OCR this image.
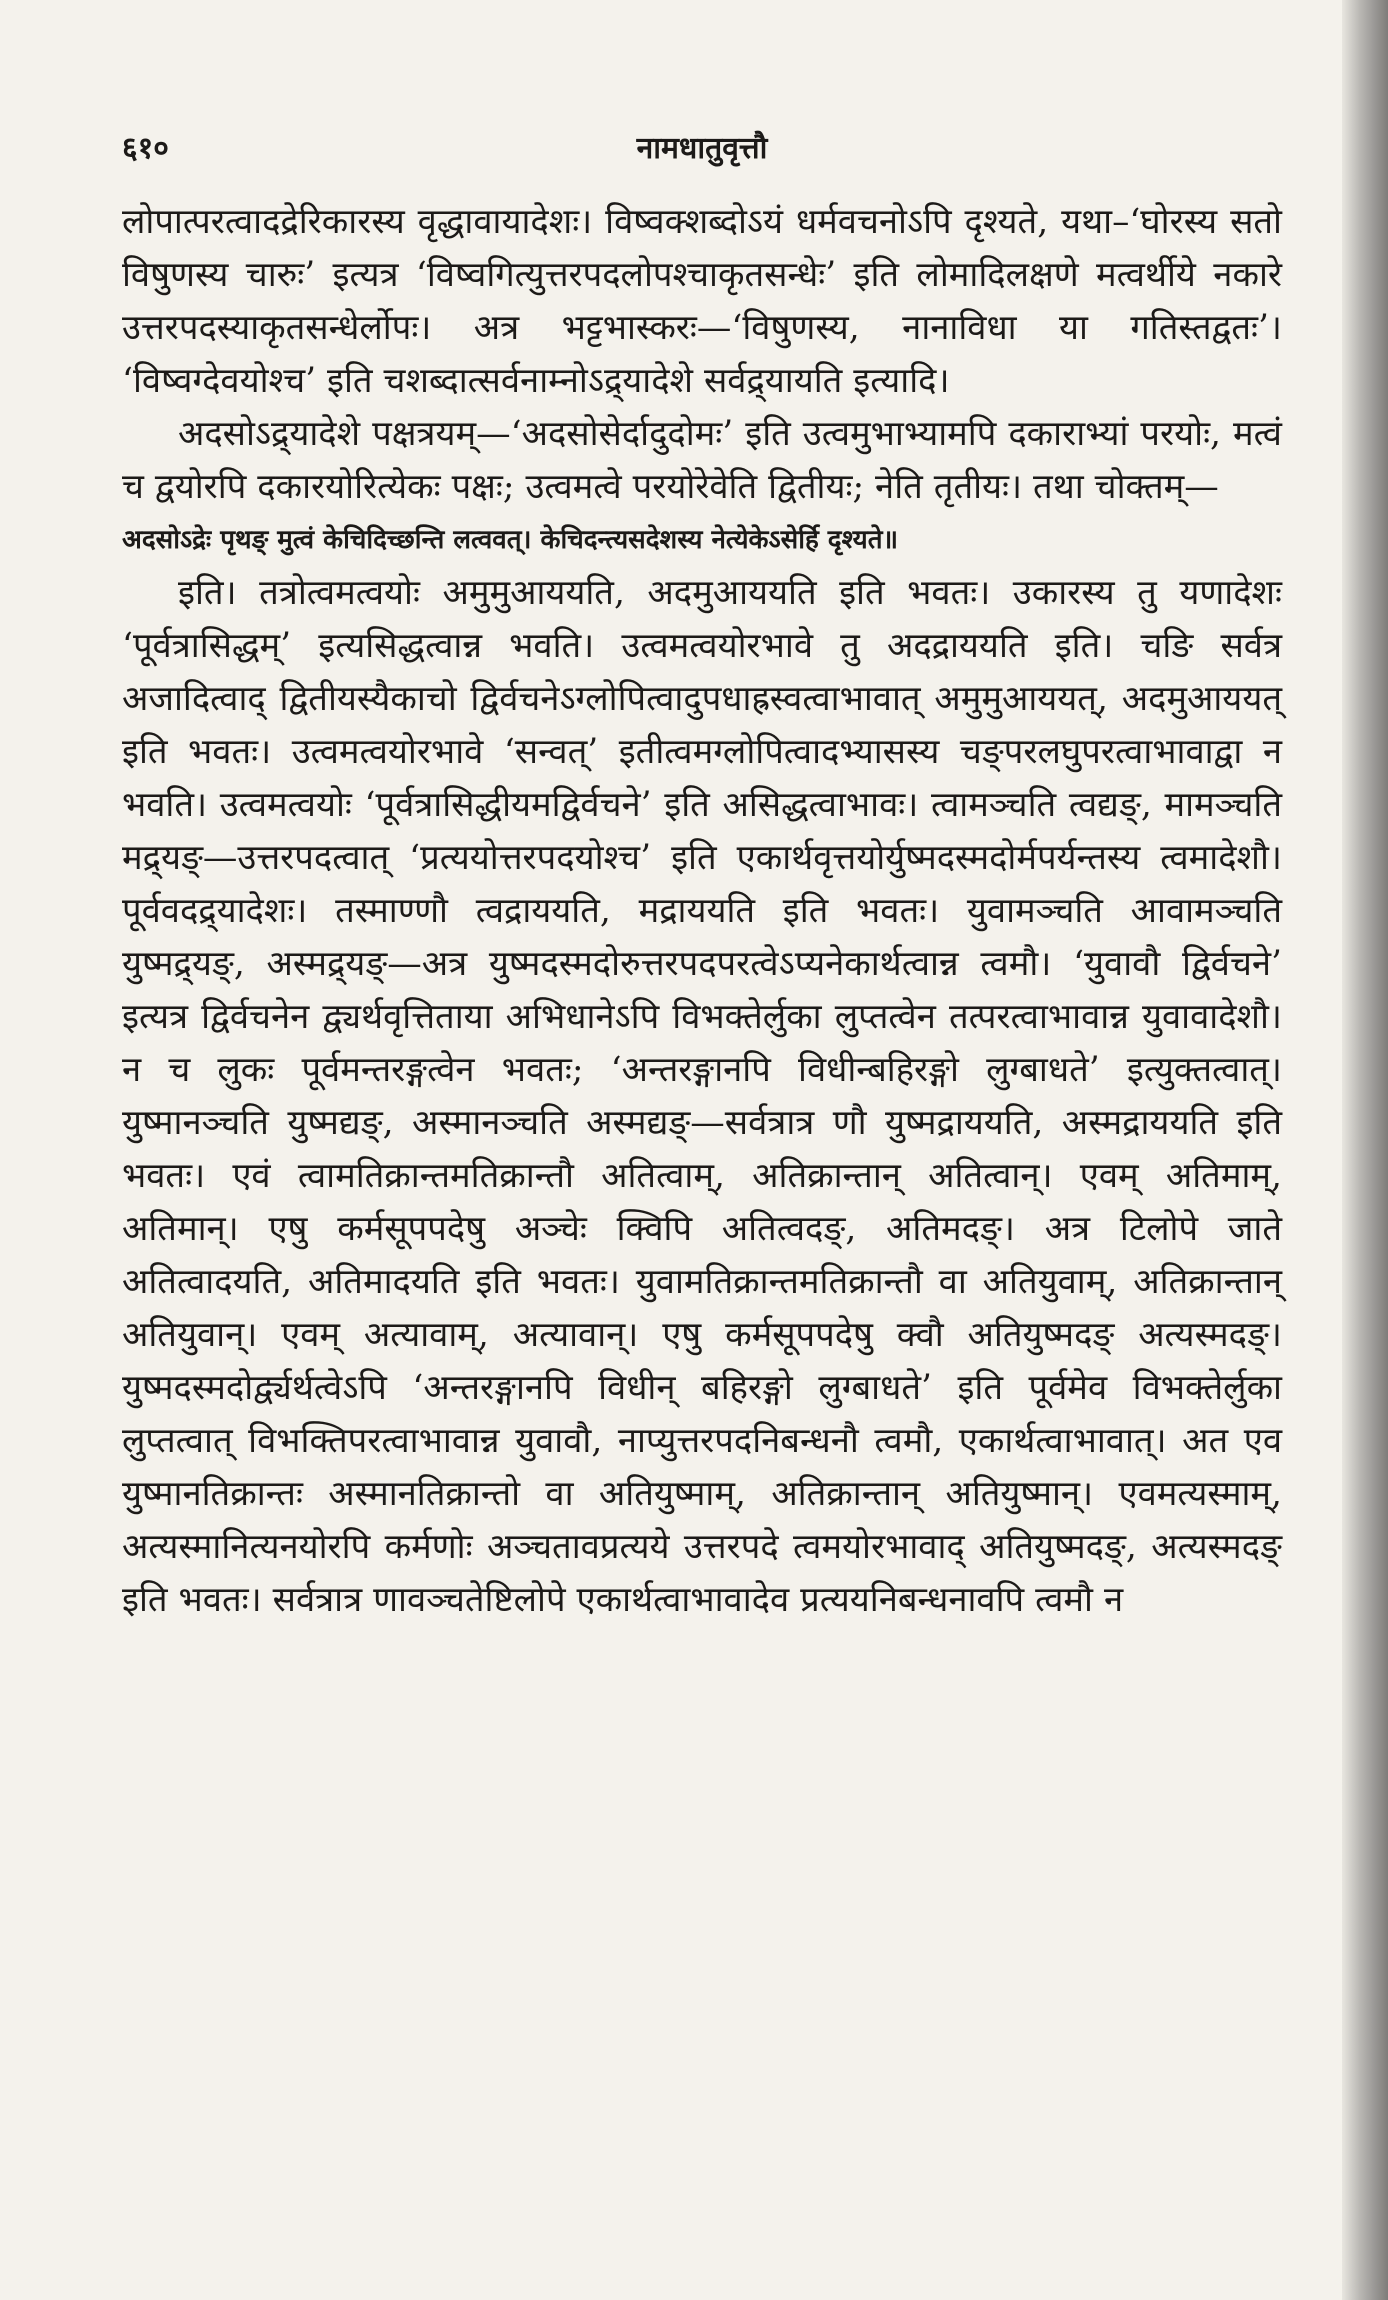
६१०	नामधातुवृत्तौ

लोपात्परत्वादद्रेरिकारस्य वृद्धावायादेशः। विष्वक्शब्दोऽयं धर्मवचनोऽपि दृश्यते, यथा–‘घोरस्य सतो विषुणस्य चारुः’ इत्यत्र ‘विष्वगित्युत्तरपदलोपश्चाकृतसन्धेः’ इति लोमादिलक्षणे मत्वर्थीये नकारे उत्तरपदस्याकृतसन्धेर्लोपः। अत्र भट्टभास्करः—‘विषुणस्य, नानाविधा या गतिस्तद्वतः’। ‘विष्वग्देवयोश्च’ इति चशब्दात्सर्वनाम्नोऽद्र्यादेशे सर्वद्र्यायति इत्यादि।

अदसोऽद्र्यादेशे पक्षत्रयम्—‘अदसोसेर्दादुदोमः’ इति उत्वमुभाभ्यामपि दकाराभ्यां परयोः, मत्वं च द्वयोरपि दकारयोरित्येकः पक्षः; उत्वमत्वे परयोरेवेति द्वितीयः; नेति तृतीयः। तथा चोक्तम्—

अदसोऽद्रेः पृथङ् मुत्वं केचिदिच्छन्ति लत्ववत्। केचिदन्त्यसदेशस्य नेत्येकेऽसेर्हि दृश्यते॥

इति। तत्रोत्वमत्वयोः अमुमुआययति, अदमुआययति इति भवतः। उकारस्य तु यणादेशः ‘पूर्वत्रासिद्धम्’ इत्यसिद्धत्वान्न भवति। उत्वमत्वयोरभावे तु अदद्राययति इति। चङि सर्वत्र अजादित्वाद् द्वितीयस्यैकाचो द्विर्वचनेऽग्लोपित्वादुपधाह्रस्वत्वाभावात् अमुमुआययत्, अदमुआययत् इति भवतः। उत्वमत्वयोरभावे ‘सन्वत्’ इतीत्वमग्लोपित्वादभ्यासस्य चङ्परलघुपरत्वाभावाद्वा न भवति। उत्वमत्वयोः ‘पूर्वत्रासिद्धीयमद्विर्वचने’ इति असिद्धत्वाभावः। त्वामञ्चति त्वद्यङ्, मामञ्चति मद्र्यङ्—उत्तरपदत्वात् ‘प्रत्ययोत्तरपदयोश्च’ इति एकार्थवृत्तयोर्युष्मदस्मदोर्मपर्यन्तस्य त्वमादेशौ। पूर्ववदद्र्यादेशः। तस्माण्णौ त्वद्राययति, मद्राययति इति भवतः। युवामञ्चति आवामञ्चति युष्मद्र्यङ्, अस्मद्र्यङ्—अत्र युष्मदस्मदोरुत्तरपदपरत्वेऽप्यनेकार्थत्वान्न त्वमौ। ‘युवावौ द्विर्वचने’ इत्यत्र द्विर्वचनेन द्व्यर्थवृत्तिताया अभिधानेऽपि विभक्तेर्लुका लुप्तत्वेन तत्परत्वाभावान्न युवावादेशौ। न च लुकः पूर्वमन्तरङ्गत्वेन भवतः; ‘अन्तरङ्गानपि विधीन्बहिरङ्गो लुग्बाधते’ इत्युक्तत्वात्। युष्मानञ्चति युष्मद्यङ्, अस्मानञ्चति अस्मद्यङ्—सर्वत्रात्र णौ युष्मद्राययति, अस्मद्राययति इति भवतः। एवं त्वामतिक्रान्तमतिक्रान्तौ अतित्वाम्, अतिक्रान्तान् अतित्वान्। एवम् अतिमाम्, अतिमान्। एषु कर्मसूपपदेषु अञ्चेः क्विपि अतित्वदङ्, अतिमदङ्। अत्र टिलोपे जाते अतित्वादयति, अतिमादयति इति भवतः। युवामतिक्रान्तमतिक्रान्तौ वा अतियुवाम्, अतिक्रान्तान् अतियुवान्। एवम् अत्यावाम्, अत्यावान्। एषु कर्मसूपपदेषु क्वौ अतियुष्मदङ् अत्यस्मदङ्। युष्मदस्मदोर्द्व्यर्थत्वेऽपि ‘अन्तरङ्गानपि विधीन् बहिरङ्गो लुग्बाधते’ इति पूर्वमेव विभक्तेर्लुका लुप्तत्वात् विभक्तिपरत्वाभावान्न युवावौ, नाप्युत्तरपदनिबन्धनौ त्वमौ, एकार्थत्वाभावात्। अत एव युष्मानतिक्रान्तः अस्मानतिक्रान्तो वा अतियुष्माम्, अतिक्रान्तान् अतियुष्मान्। एवमत्यस्माम्, अत्यस्मानित्यनयोरपि कर्मणोः अञ्चतावप्रत्यये उत्तरपदे त्वमयोरभावाद् अतियुष्मदङ्, अत्यस्मदङ् इति भवतः। सर्वत्रात्र णावञ्चतेष्टिलोपे एकार्थत्वाभावादेव प्रत्ययनिबन्धनावपि त्वमौ न
